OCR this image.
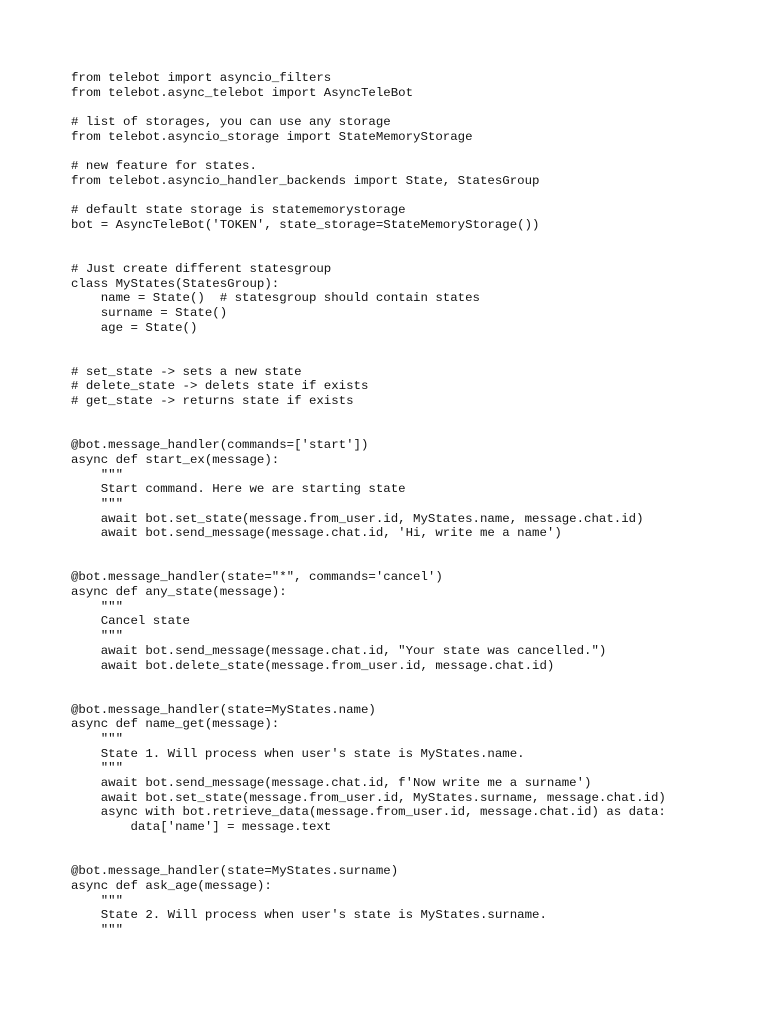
from telebot import asyncio_filters
from telebot.async_telebot import AsyncTeleBot
# list of storages, you can use any storage
from telebot.asyncio_storage import StateMemoryStorage
# new feature for states.
from telebot.asyncio_handler_backends import State, StatesGroup
# default state storage is statememorystorage
bot = AsyncTeleBot('TOKEN', state_storage=StateMemoryStorage())
# Just create different statesgroup
class MyStates(StatesGroup):
name = State()  # statesgroup should contain states
surname = State()
age = State()
# set_state -> sets a new state
# delete_state -> delets state if exists
# get_state -> returns state if exists
@bot.message_handler(commands=['start'])
async def start_ex(message):
"""
Start command. Here we are starting state
"""
await bot.set_state(message.from_user.id, MyStates.name, message.chat.id)
await bot.send_message(message.chat.id, 'Hi, write me a name')
@bot.message_handler(state="*", commands='cancel')
async def any_state(message):
"""
Cancel state
"""
await bot.send_message(message.chat.id, "Your state was cancelled.")
await bot.delete_state(message.from_user.id, message.chat.id)
@bot.message_handler(state=MyStates.name)
async def name_get(message):
"""
State 1. Will process when user's state is MyStates.name.
"""
await bot.send_message(message.chat.id, f'Now write me a surname')
await bot.set_state(message.from_user.id, MyStates.surname, message.chat.id)
async with bot.retrieve_data(message.from_user.id, message.chat.id) as data:
data['name'] = message.text
@bot.message_handler(state=MyStates.surname)
async def ask_age(message):
"""
State 2. Will process when user's state is MyStates.surname.
"""
